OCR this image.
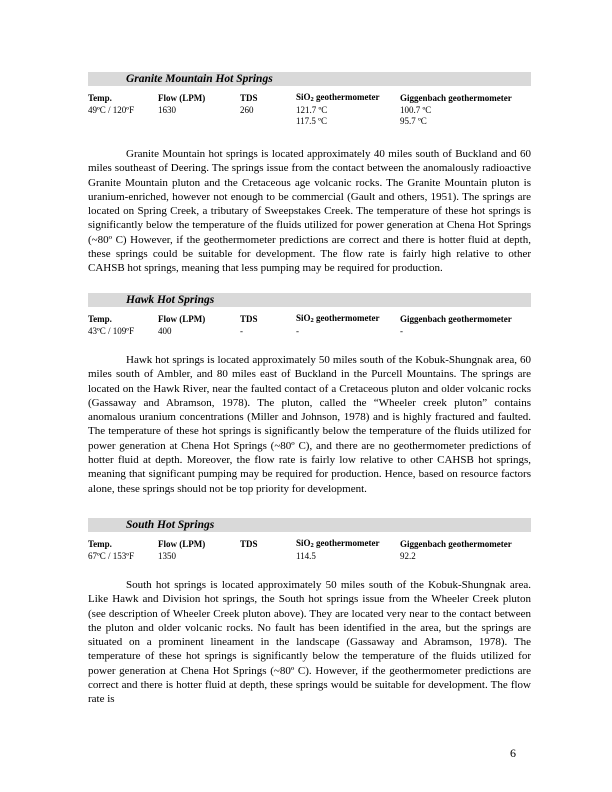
Granite Mountain Hot Springs
Temp.	Flow (LPM)	TDS	SiO$_2$ geothermometer	Giggenbach geothermometer
49ºC / 120ºF	1630	260	121.7 ºC	100.7 ºC
			117.5 ºC	95.7 ºC

Granite Mountain hot springs is located approximately 40 miles south of Buckland and 60 miles southeast of Deering. The springs issue from the contact between the anomalously radioactive Granite Mountain pluton and the Cretaceous age volcanic rocks. The Granite Mountain pluton is uranium-enriched, however not enough to be commercial (Gault and others, 1951). The springs are located on Spring Creek, a tributary of Sweepstakes Creek. The temperature of these hot springs is significantly below the temperature of the fluids utilized for power generation at Chena Hot Springs (~80º C) However, if the geothermometer predictions are correct and there is hotter fluid at depth, these springs could be suitable for development. The flow rate is fairly high relative to other CAHSB hot springs, meaning that less pumping may be required for production.

Hawk Hot Springs
Temp.	Flow (LPM)	TDS	SiO$_2$ geothermometer	Giggenbach geothermometer
43ºC / 109ºF	400	-	-	-

Hawk hot springs is located approximately 50 miles south of the Kobuk-Shungnak area, 60 miles south of Ambler, and 80 miles east of Buckland in the Purcell Mountains. The springs are located on the Hawk River, near the faulted contact of a Cretaceous pluton and older volcanic rocks (Gassaway and Abramson, 1978). The pluton, called the “Wheeler creek pluton” contains anomalous uranium concentrations (Miller and Johnson, 1978) and is highly fractured and faulted. The temperature of these hot springs is significantly below the temperature of the fluids utilized for power generation at Chena Hot Springs (~80º C), and there are no geothermometer predictions of hotter fluid at depth. Moreover, the flow rate is fairly low relative to other CAHSB hot springs, meaning that significant pumping may be required for production. Hence, based on resource factors alone, these springs should not be top priority for development.

South Hot Springs
Temp.	Flow (LPM)	TDS	SiO$_2$ geothermometer	Giggenbach geothermometer
67ºC / 153ºF	1350		114.5	92.2

South hot springs is located approximately 50 miles south of the Kobuk-Shungnak area. Like Hawk and Division hot springs, the South hot springs issue from the Wheeler Creek pluton (see description of Wheeler Creek pluton above). They are located very near to the contact between the pluton and older volcanic rocks. No fault has been identified in the area, but the springs are situated on a prominent lineament in the landscape (Gassaway and Abramson, 1978). The temperature of these hot springs is significantly below the temperature of the fluids utilized for power generation at Chena Hot Springs (~80º C). However, if the geothermometer predictions are correct and there is hotter fluid at depth, these springs would be suitable for development. The flow rate is

6
